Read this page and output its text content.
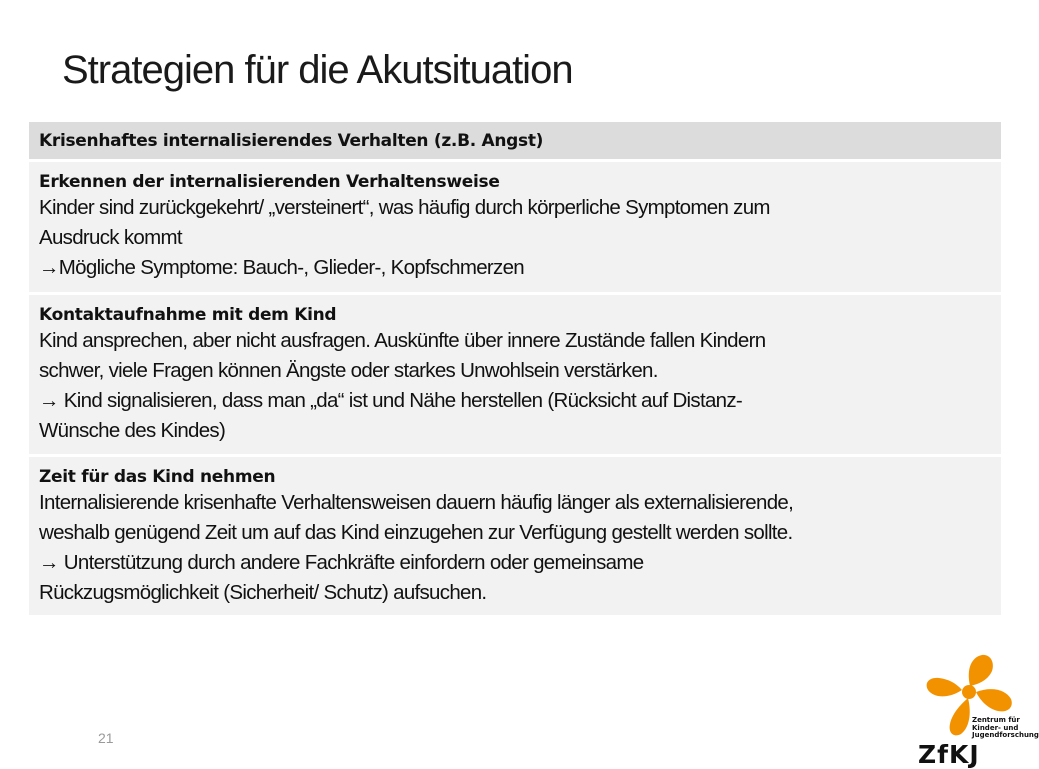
Strategien für die Akutsituation
Krisenhaftes internalisierendes Verhalten (z.B. Angst)
Erkennen der internalisierenden Verhaltensweise
Kinder sind zurückgekehrt/ „versteinert“, was häufig durch körperliche Symptomen zum
Ausdruck kommt
→Mögliche Symptome: Bauch-, Glieder-, Kopfschmerzen
Kontaktaufnahme mit dem Kind
Kind ansprechen, aber nicht ausfragen. Auskünfte über innere Zustände fallen Kindern
schwer, viele Fragen können Ängste oder starkes Unwohlsein verstärken.
→ Kind signalisieren, dass man „da“ ist und Nähe herstellen (Rücksicht auf Distanz-
Wünsche des Kindes)
Zeit für das Kind nehmen
Internalisierende krisenhafte Verhaltensweisen dauern häufig länger als externalisierende,
weshalb genügend Zeit um auf das Kind einzugehen zur Verfügung gestellt werden sollte.
→ Unterstützung durch andere Fachkräfte einfordern oder gemeinsame
Rückzugsmöglichkeit (Sicherheit/ Schutz) aufsuchen.
21
Zentrum für
Kinder- und
Jugendforschung
ZfKJ
